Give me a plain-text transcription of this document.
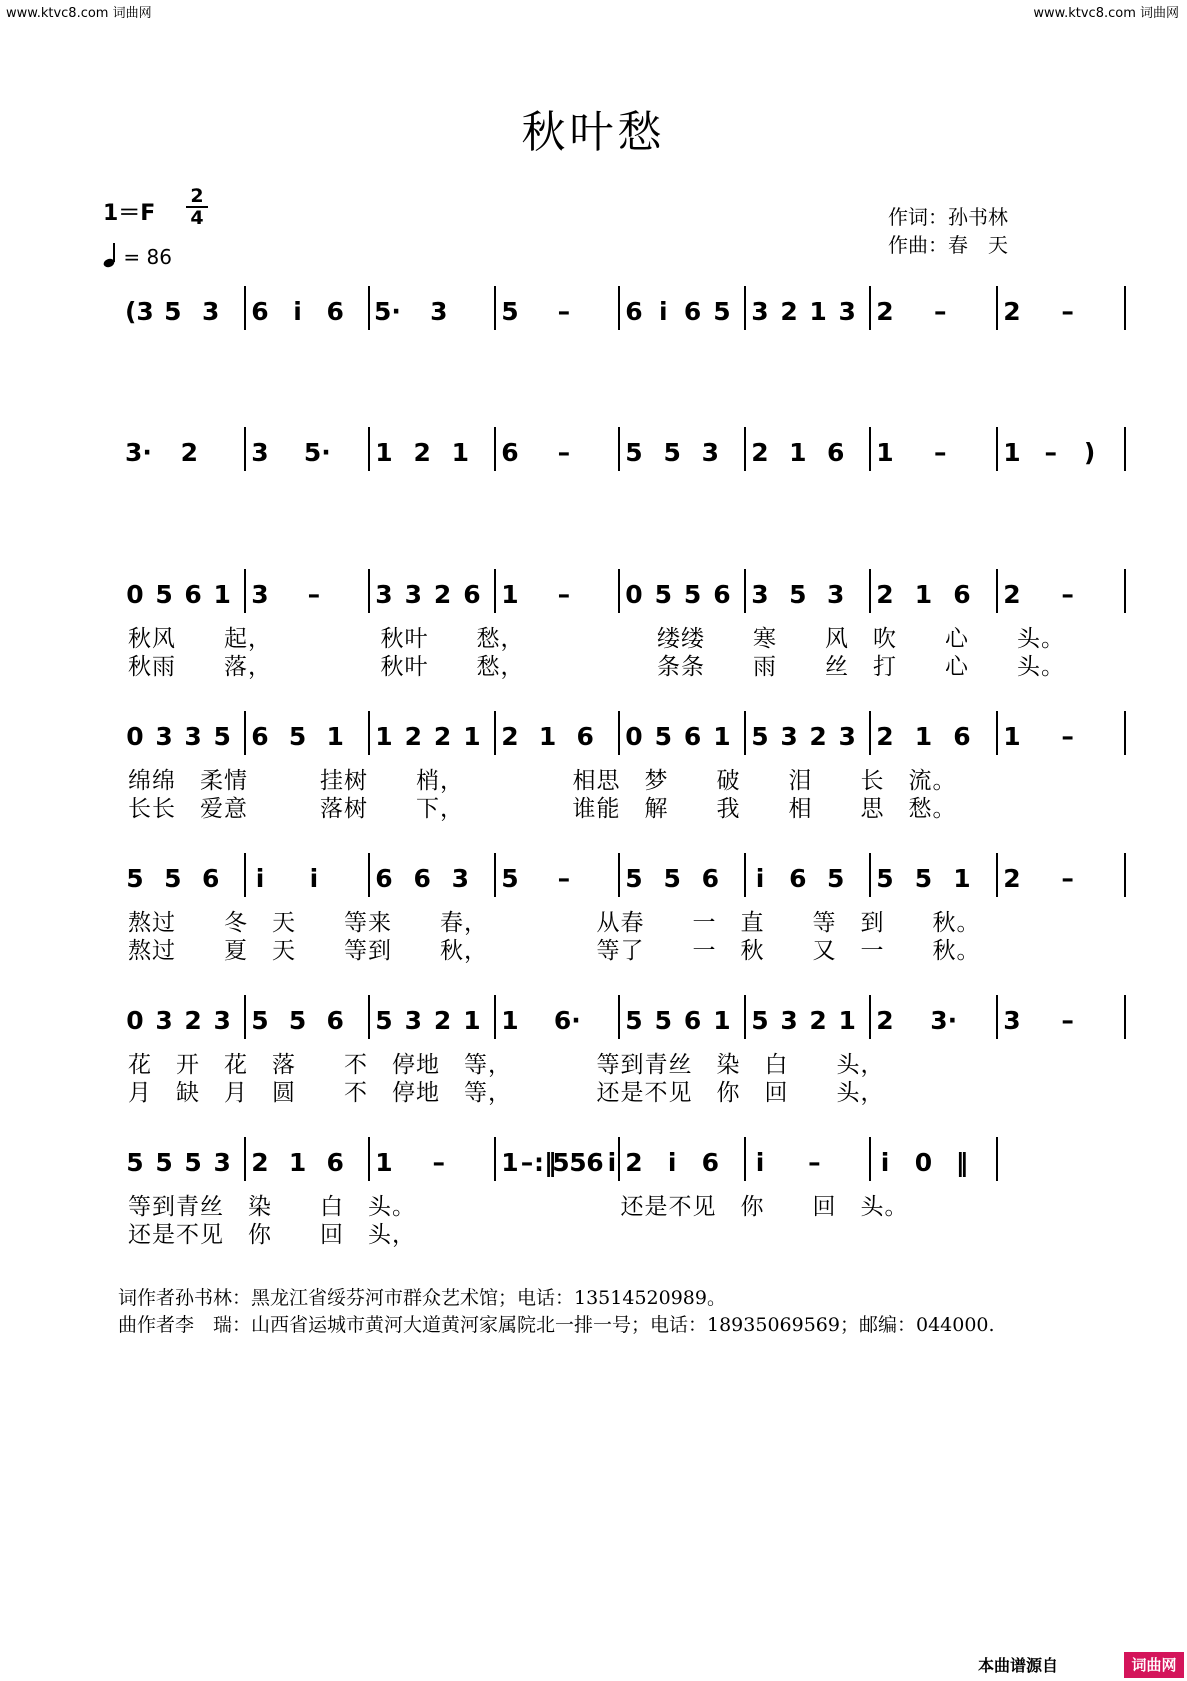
www.ktvc8.com 词曲网	www.ktvc8.com 词曲网
秋叶愁
1＝F
2
4
= 86
作词：孙书林
作曲：春　天
(3 5 3 6 i 6 5· 3 5 – 6 i 6 5 3 2 1 3 2 – 2 –
3· 2 3 5· 1 2 1 6 – 5 5 3 2 1 6 1 – 1 – )
0 5 6 1 3 – 3 3 2 6 1 – 0 5 5 6 3 5 3 2 1 6 2 –
秋风　　起，　　　　　秋叶　　愁，　　　　　　缕缕　　寒　　风　吹　　心　　头。
秋雨　　落，　　　　　秋叶　　愁，　　　　　　条条　　雨　　丝　打　　心　　头。
0 3 3 5 6 5 1 1 2 2 1 2 1 6 0 5 6 1 5 3 2 3 2 1 6 1 –
绵绵　柔情　　　挂树　　梢，　　　　　相思　梦　　破　　泪　　长　流。
长长　爱意　　　落树　　下，　　　　　谁能　解　　我　　相　　思　愁。
5 5 6 i i 6 6 3 5 – 5 5 6 i 6 5 5 5 1 2 –
熬过　　冬　天　　等来　　春，　　　　　从春　　一　直　　等　到　　秋。
熬过　　夏　天　　等到　　秋，　　　　　等了　　一　秋　　又　一　　秋。
0 3 2 3 5 5 6 5 3 2 1 1 6· 5 5 6 1 5 3 2 1 2 3· 3 –
花　开　花　落　　不　停地　等，　　　　等到青丝　染　白　　头，
月　缺　月　圆　　不　停地　等，　　　　还是不见　你　回　　头，
5 5 5 3 2 1 6 1 – 1 – :‖
5 5 6 i 2 i 6 i – i 0 ‖
等到青丝　染　　白　头。　　　　　　　　　还是不见　你　　回　头。
还是不见　你　　回　头，
词作者孙书林：黑龙江省绥芬河市群众艺术馆；电话：13514520989。
曲作者李　瑞：山西省运城市黄河大道黄河家属院北一排一号；电话：18935069569；邮编：044000.
本曲谱源自	词曲网
